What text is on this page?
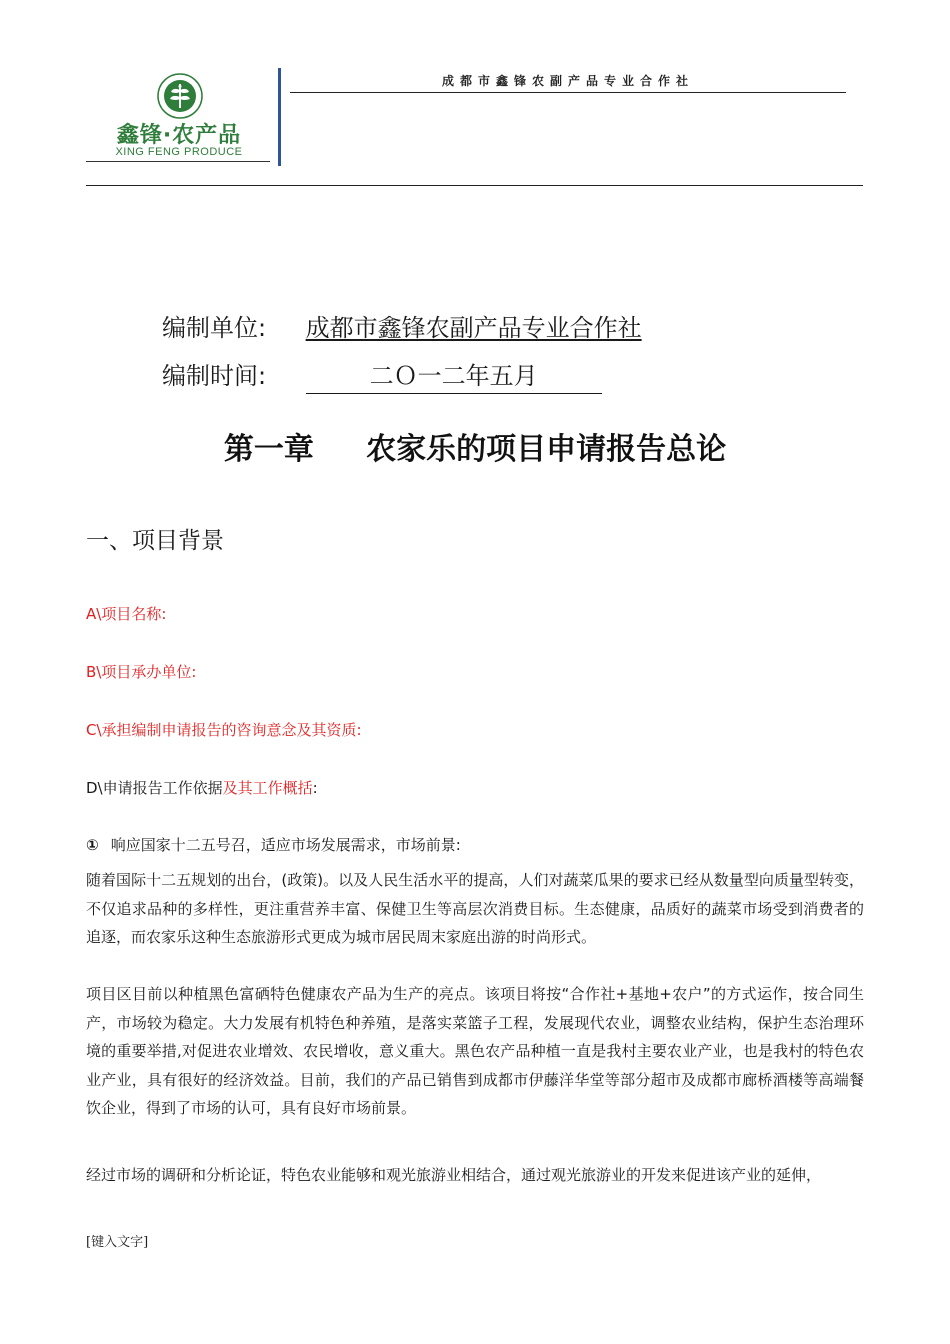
鑫锋·农产品
XING FENG PRODUCE
成都市鑫锋农副产品专业合作社
编制单位: 成都市鑫锋农副产品专业合作社
编制时间:	二Ｏ一二年五月
第一章     农家乐的项目申请报告总论
一、项目背景
A\项目名称:
B\项目承办单位:
C\承担编制申请报告的咨询意念及其资质:
D\申请报告工作依据及其工作概括:
① 响应国家十二五号召，适应市场发展需求，市场前景:
随着国际十二五规划的出台，(政策)。以及人民生活水平的提高，人们对蔬菜瓜果的要求已经从数量型向质量型转变，不仅追求品种的多样性，更注重营养丰富、保健卫生等高层次消费目标。生态健康，品质好的蔬菜市场受到消费者的追逐，而农家乐这种生态旅游形式更成为城市居民周末家庭出游的时尚形式。
项目区目前以种植黑色富硒特色健康农产品为生产的亮点。该项目将按“合作社+基地+农户”的方式运作，按合同生产，市场较为稳定。大力发展有机特色种养殖，是落实菜篮子工程，发展现代农业，调整农业结构，保护生态治理环境的重要举措,对促进农业增效、农民增收，意义重大。黑色农产品种植一直是我村主要农业产业，也是我村的特色农业产业，具有很好的经济效益。目前，我们的产品已销售到成都市伊藤洋华堂等部分超市及成都市廊桥酒楼等高端餐饮企业，得到了市场的认可，具有良好市场前景。
经过市场的调研和分析论证，特色农业能够和观光旅游业相结合，通过观光旅游业的开发来促进该产业的延伸，
[键入文字]
